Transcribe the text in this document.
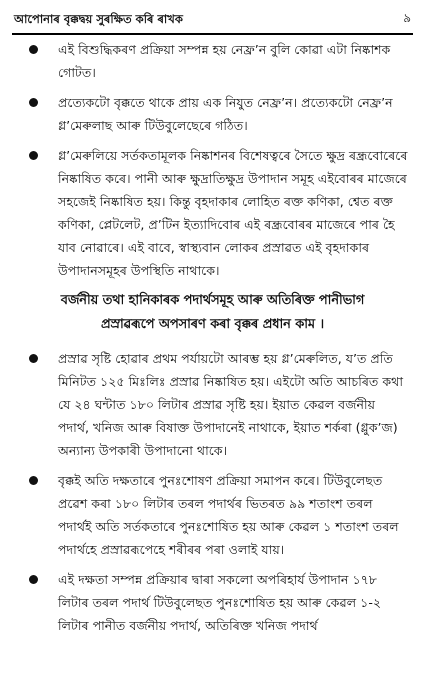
আপোনাৰ বৃক্কদ্বয় সুৰক্ষিত কৰি ৰাখক	৯
এই বিশুদ্ধিকৰণ প্ৰক্ৰিয়া সম্পন্ন হয় নেফ্ৰ’ন বুলি কোৱা এটা নিষ্কাশক গোটত।
প্ৰত্যেকটো বৃক্কতে থাকে প্ৰায় এক নিযুত নেফ্ৰ’ন। প্ৰত্যেকটো নেফ্ৰ’ন গ্ল’মেৰুলাছ আৰু টিউবুলেছেৰে গঠিত।
গ্ল’মেৰুলিয়ে সৰ্তকতামূলক নিষ্কাশনৰ বিশেষত্বৰে সৈতে ক্ষুদ্ৰ ৰন্ধ্ৰবোৰেৰে নিষ্কাষিত কৰে। পানী আৰু ক্ষুদ্ৰাতিক্ষুদ্ৰ উপাদান সমূহ এইবোৰৰ মাজেৰে সহজেই নিষ্কাষিত হয়। কিন্তু বৃহদাকাৰ লোহিত ৰক্ত কণিকা, শ্বেত ৰক্ত কণিকা, প্লেটলেট, প্ৰ’টিন ইত্যাদিবোৰ এই ৰন্ধ্ৰবোৰৰ মাজেৰে পাৰ হৈ যাব নোৱাৰে। এই বাবে, স্বাস্থ্যবান লোকৰ প্ৰস্ৰাৱত এই বৃহদাকাৰ উপাদানসমূহৰ উপস্থিতি নাথাকে।
বৰ্জনীয় তথা হানিকাৰক পদাৰ্থসমূহ আৰু অতিৰিক্ত পানীভাগ
প্ৰস্ৰাৱৰূপে অপসাৰণ কৰা বৃক্কৰ প্ৰধান কাম ।
প্ৰস্ৰাৱ সৃষ্টি হোৱাৰ প্ৰথম পৰ্যায়টো আৰম্ভ হয় গ্ল’মেৰুলিত, য’ত প্ৰতি মিনিটত ১২৫ মিঃলিঃ প্ৰস্ৰাৱ নিষ্কাষিত হয়। এইটো অতি আচৰিত কথা যে ২৪ ঘন্টাত ১৮০ লিটাৰ প্ৰস্ৰাৱ সৃষ্টি হয়। ইয়াত কেৱল বৰ্জনীয় পদাৰ্থ, খনিজ আৰু বিষাক্ত উপাদানেই নাথাকে, ইয়াত শৰ্কৰা (গ্লুক’জ) অন্যান্য উপকাৰী উপাদানো থাকে।
বৃক্কই অতি দক্ষতাৰে পুনঃশোষণ প্ৰক্ৰিয়া সমাপন কৰে। টিউবুলেছত প্ৰৱেশ কৰা ১৮০ লিটাৰ তৰল পদাৰ্থৰ ভিতৰত ৯৯ শতাংশ তৰল পদাৰ্থই অতি সৰ্তকতাৰে পুনঃশোষিত হয় আৰু কেৱল ১ শতাংশ তৰল পদাৰ্থহে প্ৰস্ৰাৱৰূপেহে শৰীৰৰ পৰা ওলাই যায়।
এই দক্ষতা সম্পন্ন প্ৰক্ৰিয়াৰ দ্বাৰা সকলো অপৰিহাৰ্য উপাদান ১৭৮ লিটাৰ তৰল পদাৰ্থ টিউবুলেছত পুনঃশোষিত হয় আৰু কেৱল ১-২ লিটাৰ পানীত বৰ্জনীয় পদাৰ্থ, অতিৰিক্ত খনিজ পদাৰ্থ
